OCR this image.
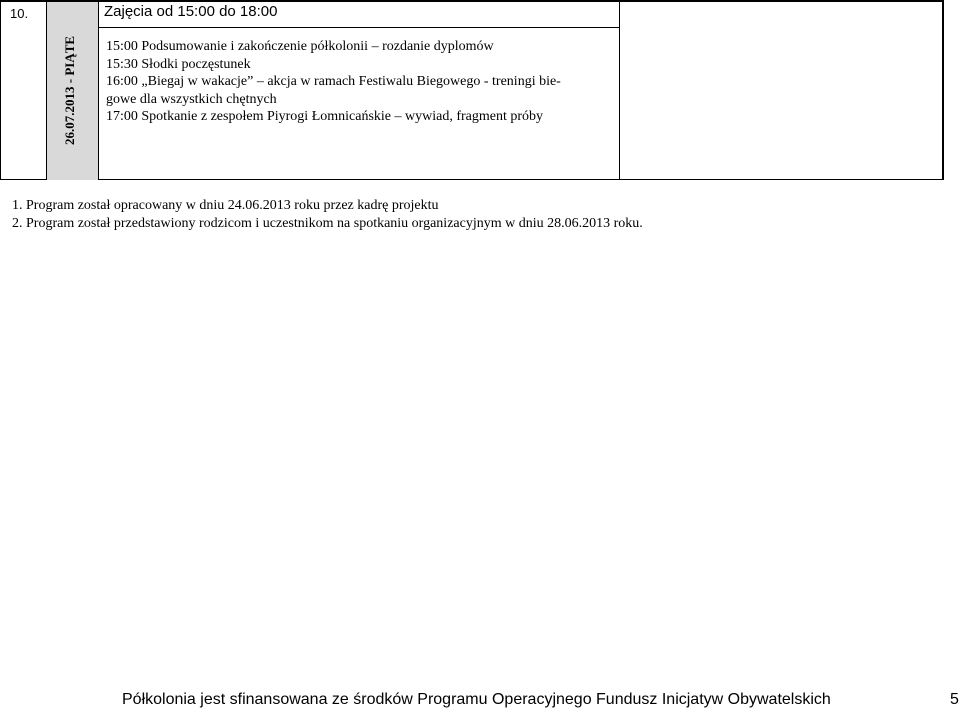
10.
26.07.2013 - PIĄTE
Zajęcia od 15:00 do 18:00
15:00 Podsumowanie i zakończenie półkolonii – rozdanie dyplomów
15:30 Słodki poczęstunek
16:00 „Biegaj w wakacje” – akcja w ramach Festiwalu Biegowego - treningi bie-
gowe dla wszystkich chętnych
17:00 Spotkanie z zespołem Piyrogi Łomnicańskie – wywiad, fragment próby
1. Program został opracowany w dniu 24.06.2013 roku przez kadrę projektu
2. Program został przedstawiony rodzicom i uczestnikom na spotkaniu organizacyjnym w dniu 28.06.2013 roku.
Półkolonia jest sfinansowana ze środków Programu Operacyjnego Fundusz Inicjatyw Obywatelskich	5
